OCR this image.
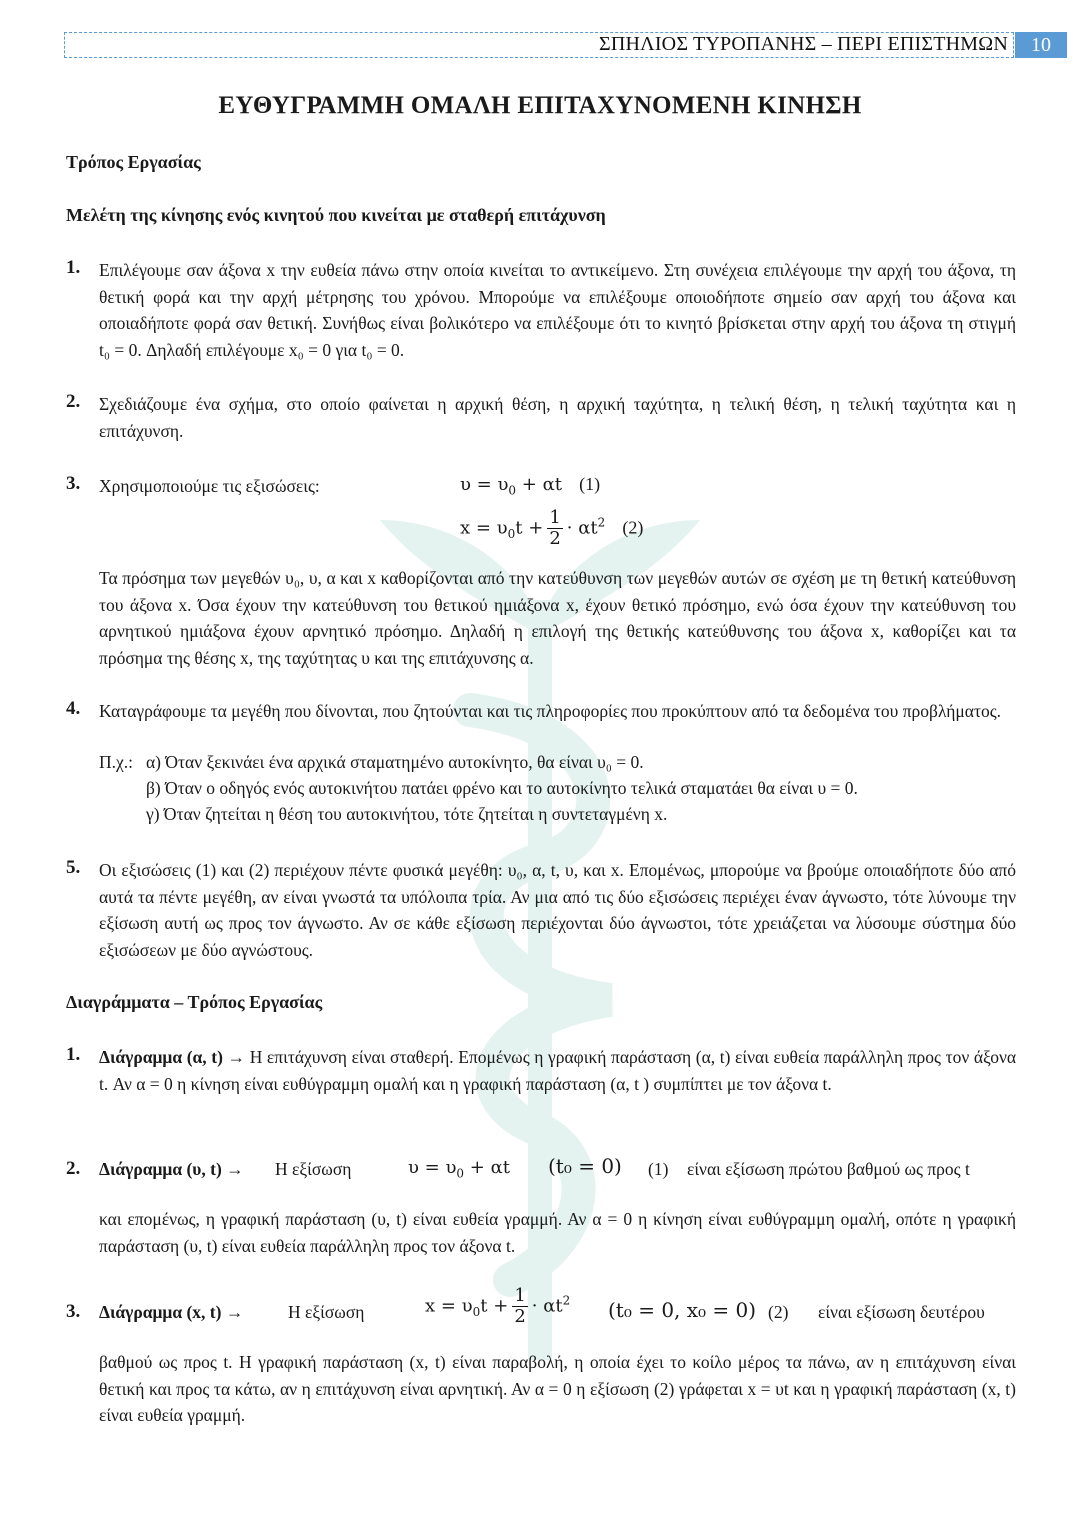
ΣΠΗΛΙΟΣ ΤΥΡΟΠΑΝΗΣ – ΠΕΡΙ ΕΠΙΣΤΗΜΩΝ	10
ΕΥΘΥΓΡΑΜΜΗ ΟΜΑΛΗ ΕΠΙΤΑΧΥΝΟΜΕΝΗ ΚΙΝΗΣΗ
Τρόπος Εργασίας
Μελέτη της κίνησης ενός κινητού που κινείται με σταθερή επιτάχυνση
1. Επιλέγουμε σαν άξονα x την ευθεία πάνω στην οποία κινείται το αντικείμενο. Στη συνέχεια επιλέγουμε την αρχή του άξονα, τη θετική φορά και την αρχή μέτρησης του χρόνου. Μπορούμε να επιλέξουμε οποιοδήποτε σημείο σαν αρχή του άξονα και οποιαδήποτε φορά σαν θετική. Συνήθως είναι βολικότερο να επιλέξουμε ότι το κινητό βρίσκεται στην αρχή του άξονα τη στιγμή t₀ = 0. Δηλαδή επιλέγουμε x₀ = 0 για t₀ = 0.
2. Σχεδιάζουμε ένα σχήμα, στο οποίο φαίνεται η αρχική θέση, η αρχική ταχύτητα, η τελική θέση, η τελική ταχύτητα και η επιτάχυνση.
3. Χρησιμοποιούμε τις εξισώσεις:	$\upsilon = \upsilon_0 + \alpha t$   (1)
$x = \upsilon_0t + \frac{1}{2} \cdot \alpha t^2$ (2)
Τα πρόσημα των μεγεθών υ₀, υ, α και x καθορίζονται από την κατεύθυνση των μεγεθών αυτών σε σχέση με τη θετική κατεύθυνση του άξονα x. Όσα έχουν την κατεύθυνση του θετικού ημιάξονα x, έχουν θετικό πρόσημο, ενώ όσα έχουν την κατεύθυνση του αρνητικού ημιάξονα έχουν αρνητικό πρόσημο. Δηλαδή η επιλογή της θετικής κατεύθυνσης του άξονα x, καθορίζει και τα πρόσημα της θέσης x, της ταχύτητας υ και της επιτάχυνσης α.
4. Καταγράφουμε τα μεγέθη που δίνονται, που ζητούνται και τις πληροφορίες που προκύπτουν από τα δεδομένα του προβλήματος.
Π.χ.: α) Όταν ξεκινάει ένα αρχικά σταματημένο αυτοκίνητο, θα είναι υ₀ = 0.
β) Όταν ο οδηγός ενός αυτοκινήτου πατάει φρένο και το αυτοκίνητο τελικά σταματάει θα είναι υ = 0.
γ) Όταν ζητείται η θέση του αυτοκινήτου, τότε ζητείται η συντεταγμένη x.
5. Οι εξισώσεις (1) και (2) περιέχουν πέντε φυσικά μεγέθη: υ₀, α, t, υ, και x. Επομένως, μπορούμε να βρούμε οποιαδήποτε δύο από αυτά τα πέντε μεγέθη, αν είναι γνωστά τα υπόλοιπα τρία. Αν μια από τις δύο εξισώσεις περιέχει έναν άγνωστο, τότε λύνουμε την εξίσωση αυτή ως προς τον άγνωστο. Αν σε κάθε εξίσωση περιέχονται δύο άγνωστοι, τότε χρειάζεται να λύσουμε σύστημα δύο εξισώσεων με δύο αγνώστους.
Διαγράμματα – Τρόπος Εργασίας
1. Διάγραμμα (α, t) → Η επιτάχυνση είναι σταθερή. Επομένως η γραφική παράσταση (α, t) είναι ευθεία παράλληλη προς τον άξονα t. Αν α = 0 η κίνηση είναι ευθύγραμμη ομαλή και η γραφική παράσταση (α, t ) συμπίπτει με τον άξονα t.
2. Διάγραμμα (υ, t) → Η εξίσωση	$\upsilon = \upsilon_0 + \alpha t$ (t₀ = 0) (1) είναι εξίσωση πρώτου βαθμού ως προς t
και επομένως, η γραφική παράσταση (υ, t) είναι ευθεία γραμμή. Αν α = 0 η κίνηση είναι ευθύγραμμη ομαλή, οπότε η γραφική παράσταση (υ, t) είναι ευθεία παράλληλη προς τον άξονα t.
3. Διάγραμμα (x, t) →	Η εξίσωση	$x = \upsilon_0t + \frac{1}{2} \cdot \alpha t^2$ (t₀ = 0, x₀ = 0) (2) είναι εξίσωση δευτέρου
βαθμού ως προς t. Η γραφική παράσταση (x, t) είναι παραβολή, η οποία έχει το κοίλο μέρος τα πάνω, αν η επιτάχυνση είναι θετική και προς τα κάτω, αν η επιτάχυνση είναι αρνητική. Αν α = 0 η εξίσωση (2) γράφεται x = υt και η γραφική παράσταση (x, t) είναι ευθεία γραμμή.
